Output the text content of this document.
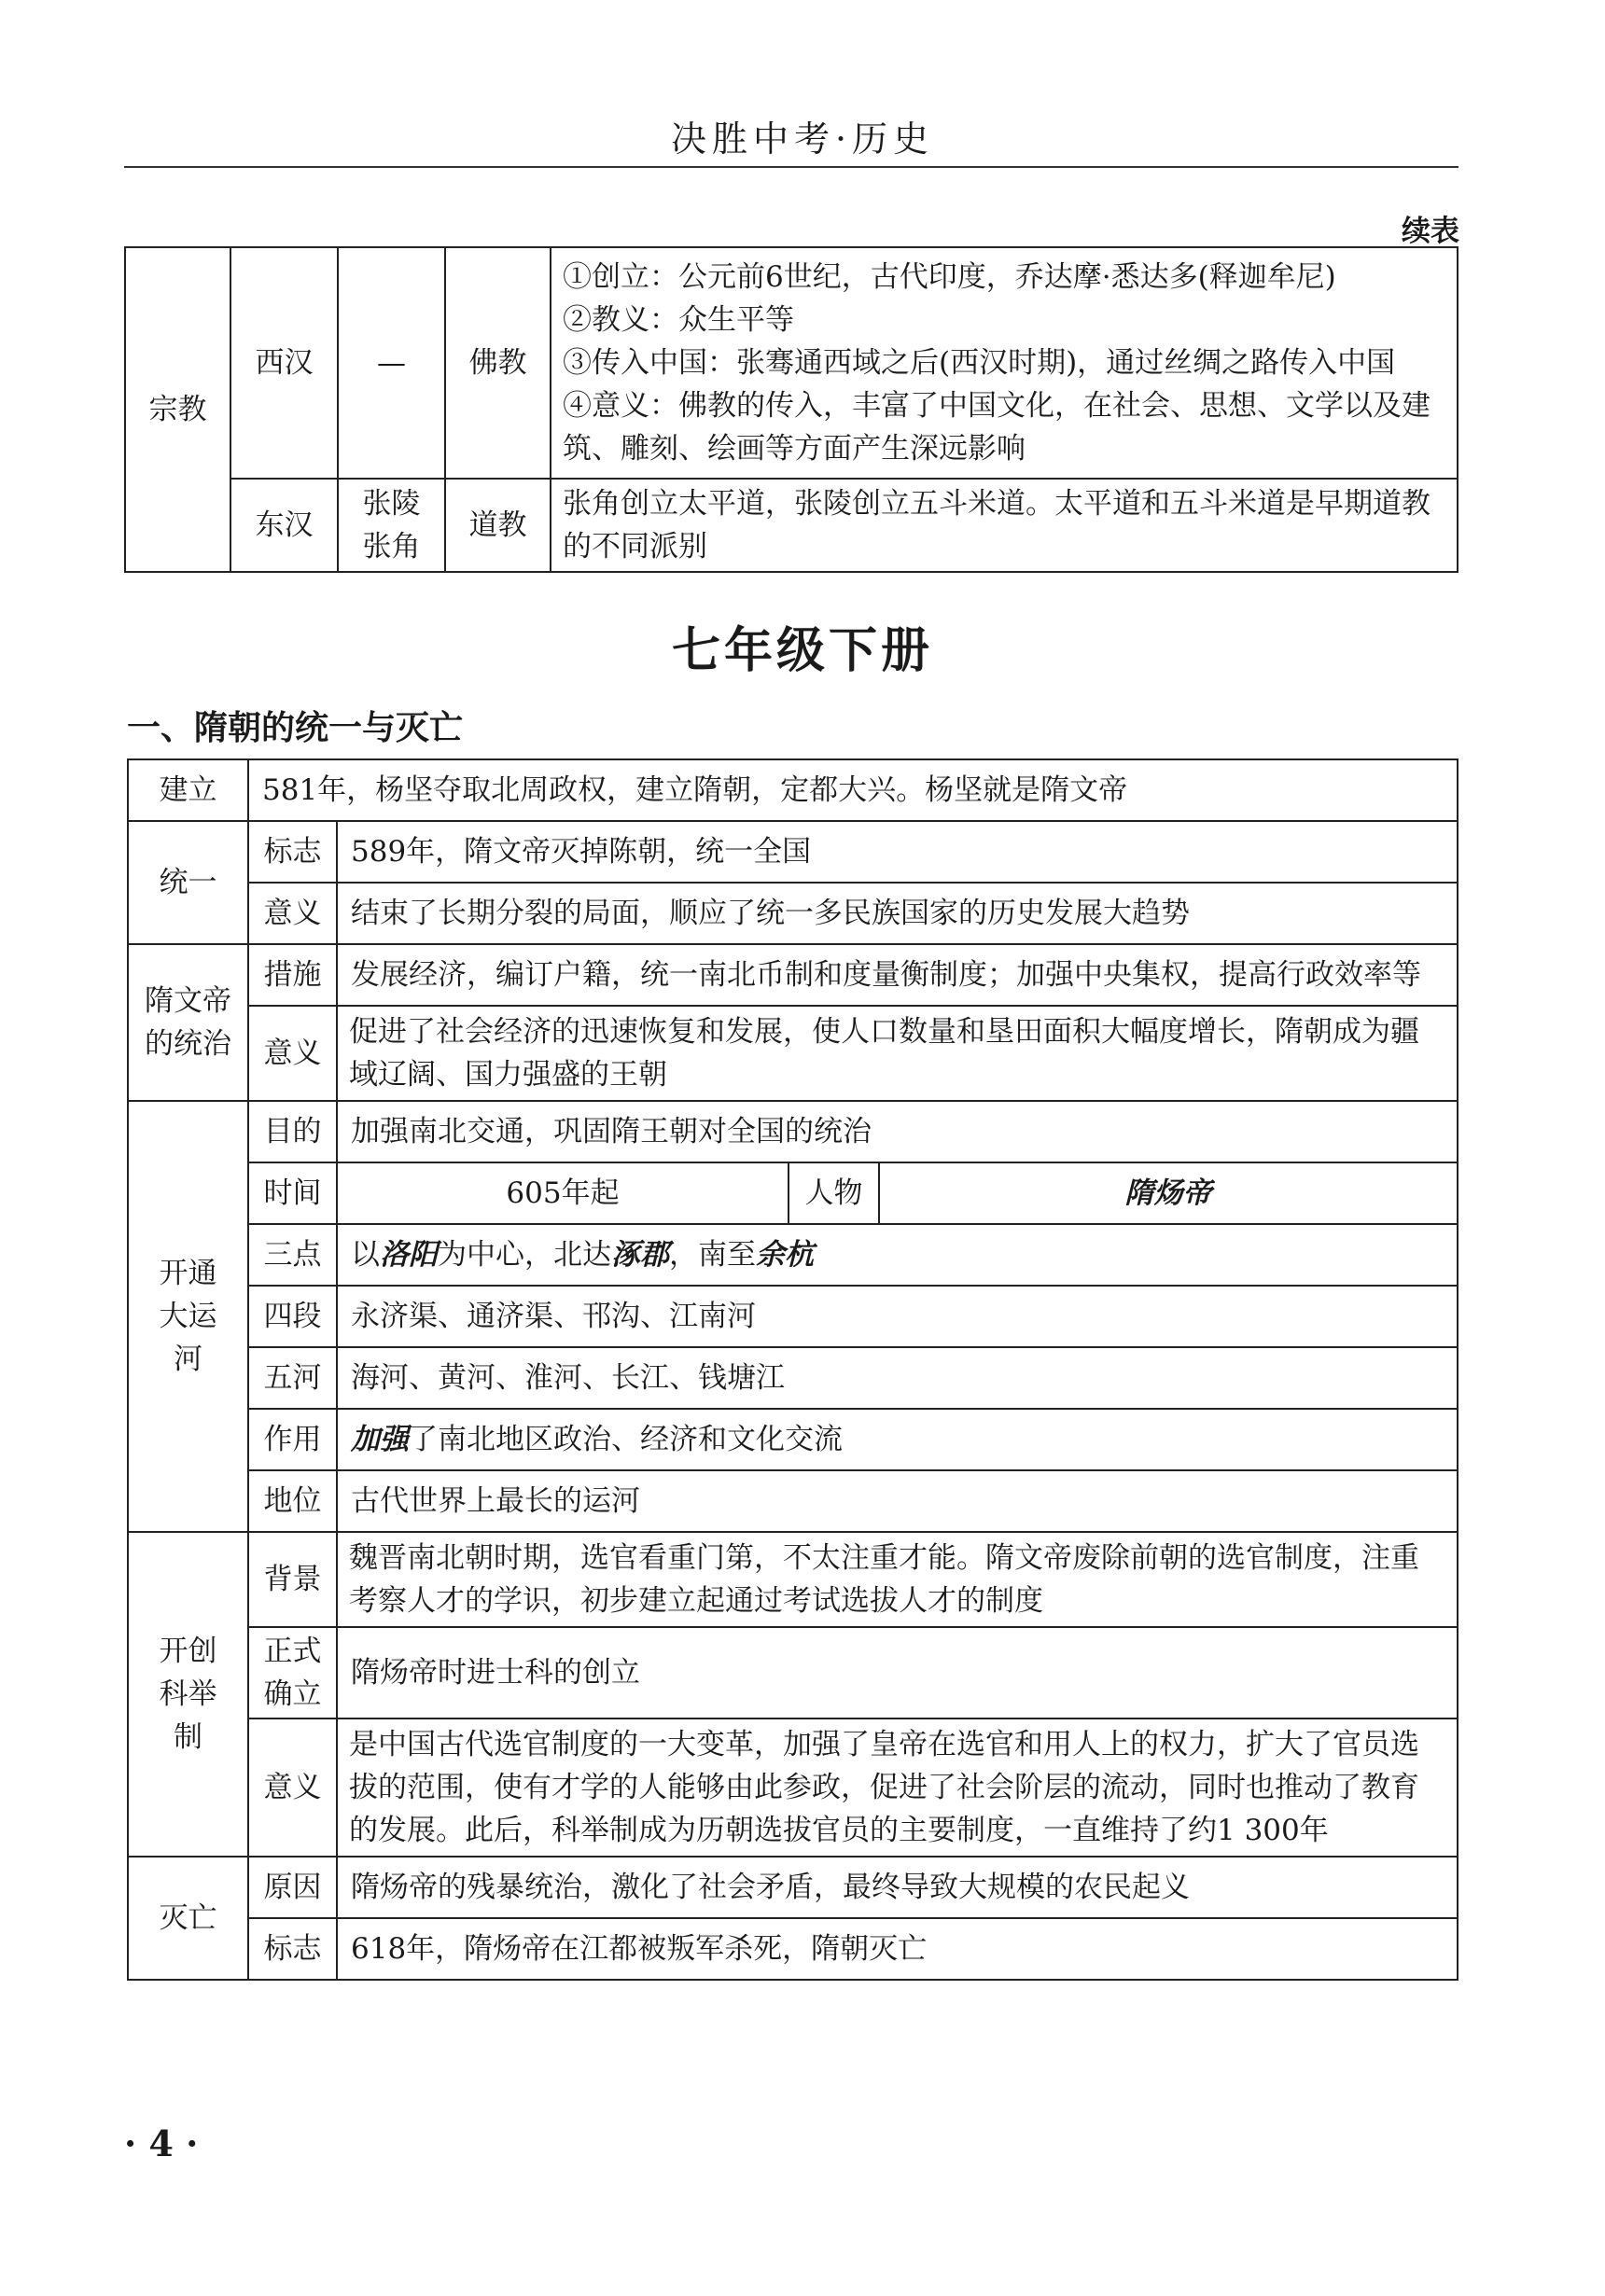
决胜中考·历史
续表
宗教	西汉	—	佛教	①创立：公元前6世纪，古代印度，乔达摩·悉达多(释迦牟尼)
②教义：众生平等
③传入中国：张骞通西域之后(西汉时期)，通过丝绸之路传入中国
④意义：佛教的传入，丰富了中国文化，在社会、思想、文学以及建筑、雕刻、绘画等方面产生深远影响

	东汉	张陵张角	道教	张角创立太平道，张陵创立五斗米道。太平道和五斗米道是早期道教的不同派别
七年级下册
一、隋朝的统一与灭亡
建立	581年，杨坚夺取北周政权，建立隋朝，定都大兴。杨坚就是隋文帝			
统一	标志	589年，隋文帝灭掉陈朝，统一全国		
	意义	结束了长期分裂的局面，顺应了统一多民族国家的历史发展大趋势		
隋文帝的统治	措施	发展经济，编订户籍，统一南北币制和度量衡制度；加强中央集权，提高行政效率等		
	意义	促进了社会经济的迅速恢复和发展，使人口数量和垦田面积大幅度增长，隋朝成为疆域辽阔、国力强盛的王朝		
开通大运河	目的	加强南北交通，巩固隋王朝对全国的统治		
	时间	605年起	人物	隋炀帝
	三点	以洛阳为中心，北达涿郡，南至余杭		
	四段	永济渠、通济渠、邗沟、江南河		
	五河	海河、黄河、淮河、长江、钱塘江		
	作用	加强了南北地区政治、经济和文化交流		
	地位	古代世界上最长的运河		
开创科举制	背景	魏晋南北朝时期，选官看重门第，不太注重才能。隋文帝废除前朝的选官制度，注重考察人才的学识，初步建立起通过考试选拔人才的制度		
	正式确立	隋炀帝时进士科的创立		
	意义	是中国古代选官制度的一大变革，加强了皇帝在选官和用人上的权力，扩大了官员选拔的范围，使有才学的人能够由此参政，促进了社会阶层的流动，同时也推动了教育的发展。此后，科举制成为历朝选拔官员的主要制度，一直维持了约1 300年		
灭亡	原因	隋炀帝的残暴统治，激化了社会矛盾，最终导致大规模的农民起义		
	标志	618年，隋炀帝在江都被叛军杀死，隋朝灭亡		
· 4 ·
